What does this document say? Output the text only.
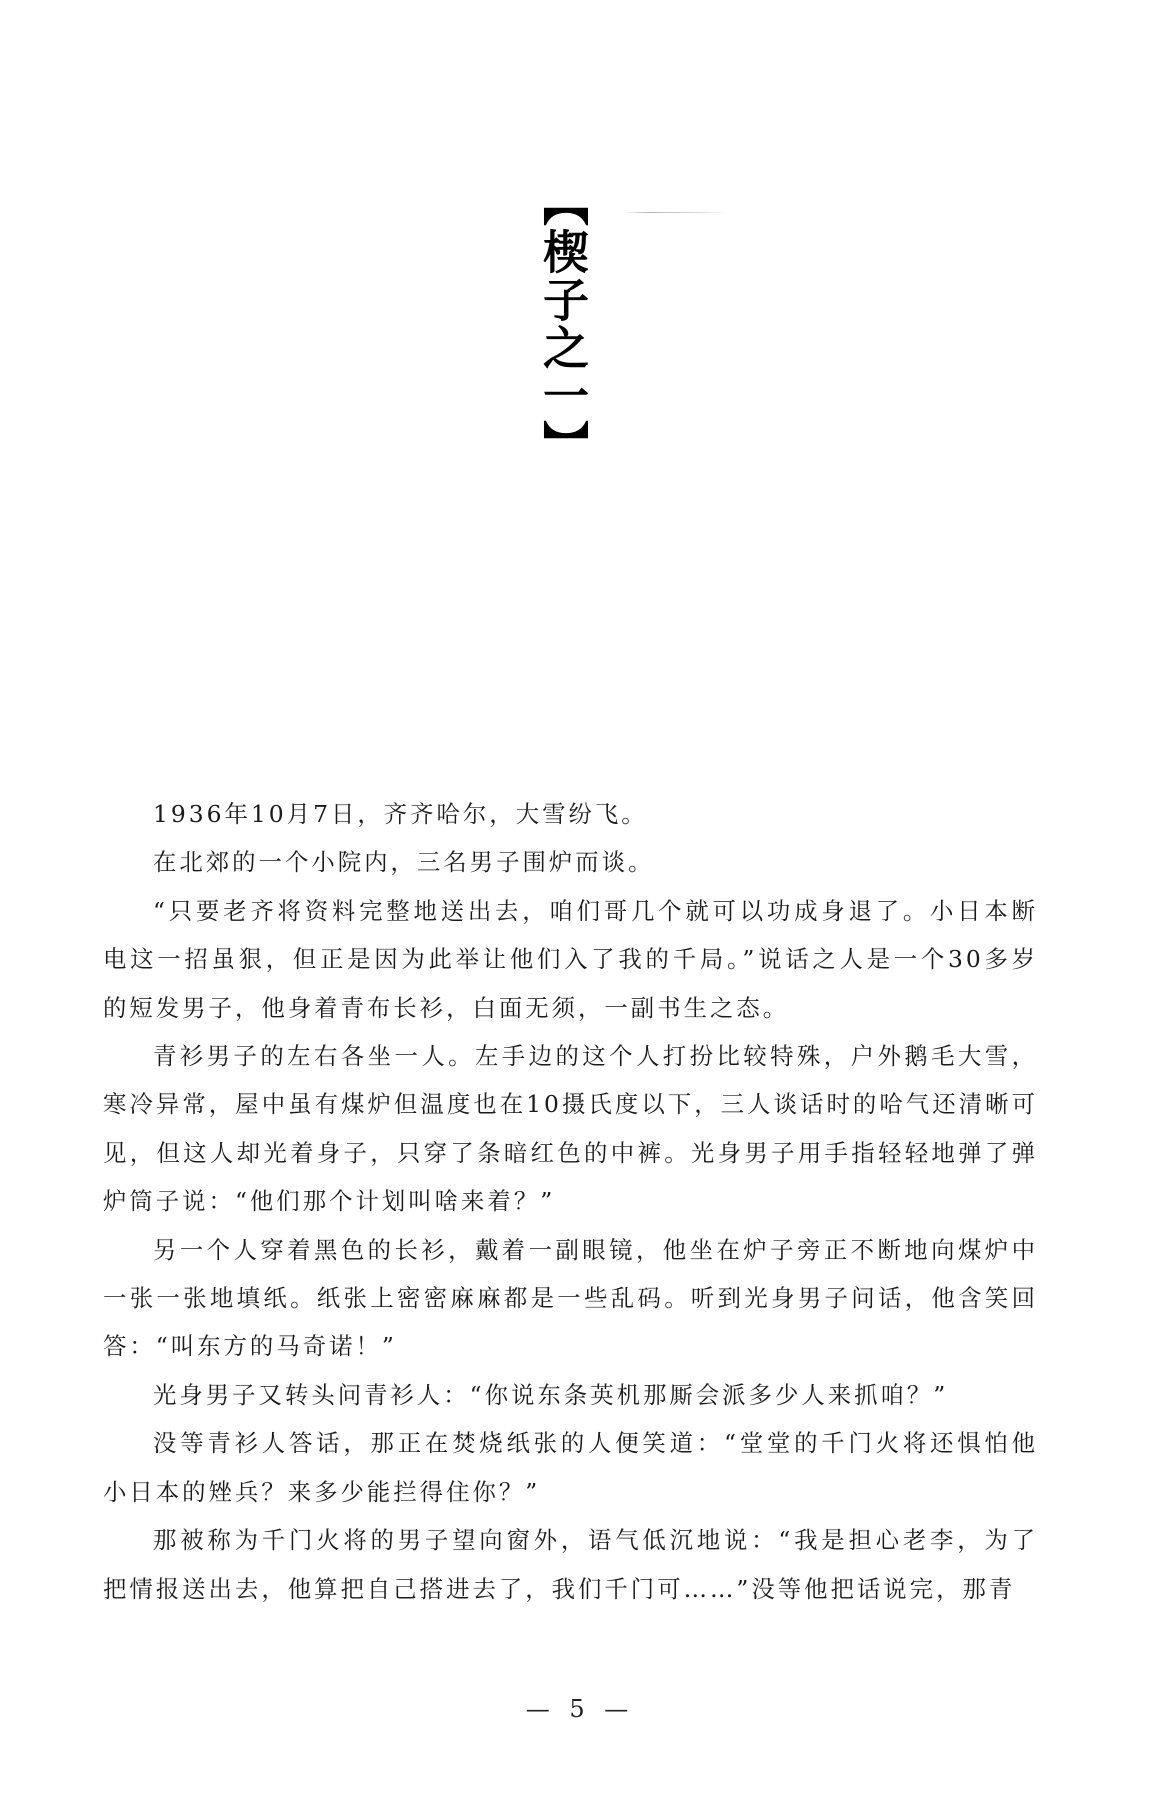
【楔子之一】

1936年10月7日，齐齐哈尔，大雪纷飞。

在北郊的一个小院内，三名男子围炉而谈。

“只要老齐将资料完整地送出去，咱们哥几个就可以功成身退了。小日本断电这一招虽狠，但正是因为此举让他们入了我的千局。”说话之人是一个30多岁的短发男子，他身着青布长衫，白面无须，一副书生之态。

青衫男子的左右各坐一人。左手边的这个人打扮比较特殊，户外鹅毛大雪，寒冷异常，屋中虽有煤炉但温度也在10摄氏度以下，三人谈话时的哈气还清晰可见，但这人却光着身子，只穿了条暗红色的中裤。光身男子用手指轻轻地弹了弹炉筒子说：“他们那个计划叫啥来着？”

另一个人穿着黑色的长衫，戴着一副眼镜，他坐在炉子旁正不断地向煤炉中一张一张地填纸。纸张上密密麻麻都是一些乱码。听到光身男子问话，他含笑回答：“叫东方的马奇诺！”

光身男子又转头问青衫人：“你说东条英机那厮会派多少人来抓咱？”

没等青衫人答话，那正在焚烧纸张的人便笑道：“堂堂的千门火将还惧怕他小日本的矬兵？来多少能拦得住你？”

那被称为千门火将的男子望向窗外，语气低沉地说：“我是担心老李，为了把情报送出去，他算把自己搭进去了，我们千门可……”没等他把话说完，那青

— 5 —
